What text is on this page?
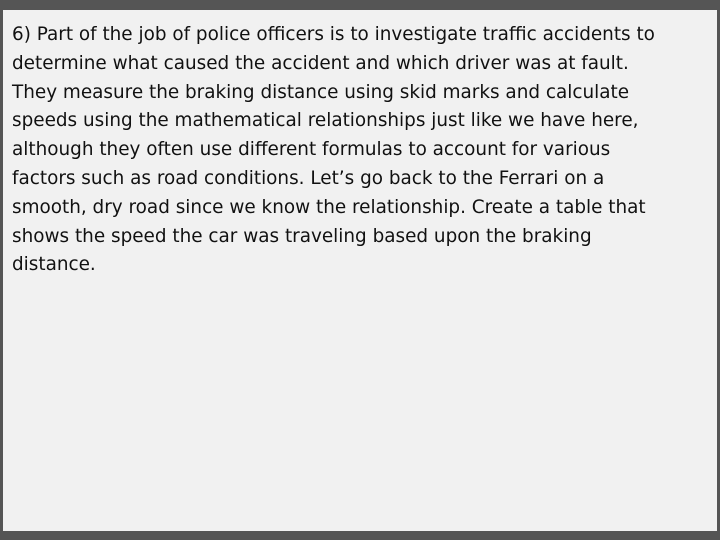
6) Part of the job of police officers is to investigate traffic accidents to
determine what caused the accident and which driver was at fault.
They measure the braking distance using skid marks and calculate
speeds using the mathematical relationships just like we have here,
although they often use different formulas to account for various
factors such as road conditions. Let’s go back to the Ferrari on a
smooth, dry road since we know the relationship. Create a table that
shows the speed the car was traveling based upon the braking
distance.
